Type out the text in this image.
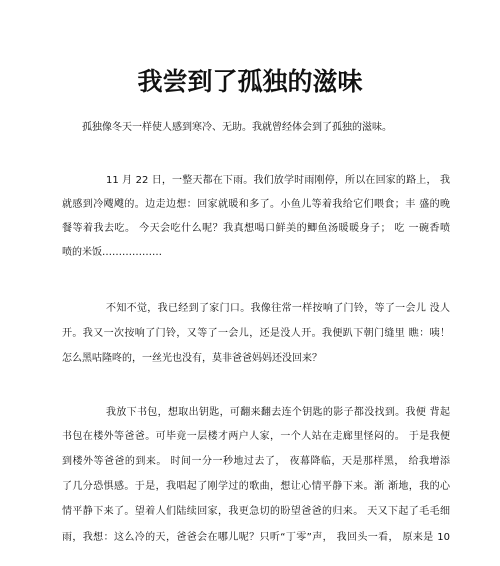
我尝到了孤独的滋味
孤独像冬天一样使人感到寒冷、无助。我就曾经体会到了孤独的滋味。
11 月 22 日，一整天都在下雨。我们放学时雨刚停，所以在回家的路上， 我
就感到冷飕飕的。边走边想：回家就暖和多了。小鱼儿等着我给它们喂食；丰 盛的晚
餐等着我去吃。 今天会吃什么呢？我真想喝口鲜美的鲫鱼汤暖暖身子； 吃 一碗香喷
喷的米饭………………
不知不觉，我已经到了家门口。我像往常一样按响了门铃，等了一会儿 没人
开。我又一次按响了门铃，又等了一会儿，还是没人开。我便趴下朝门缝里 瞧：咦！
怎么黑咕隆咚的，一丝光也没有，莫非爸爸妈妈还没回来？
我放下书包，想取出钥匙，可翻来翻去连个钥匙的影子都没找到。我便 背起
书包在楼外等爸爸。可毕竟一层楼才两户人家，一个人站在走廊里怪闷的。 于是我便
到楼外等爸爸的到来。 时间一分一秒地过去了， 夜幕降临，天是那样黑， 给我增添
了几分恐惧感。于是，我唱起了刚学过的歌曲，想让心情平静下来。渐 渐地，我的心
情平静下来了。望着人们陆续回家，我更急切的盼望爸爸的归来。 天又下起了毛毛细
雨，我想：这么冷的天，爸爸会在哪儿呢？只听“丁零”声， 我回头一看， 原来是 10
